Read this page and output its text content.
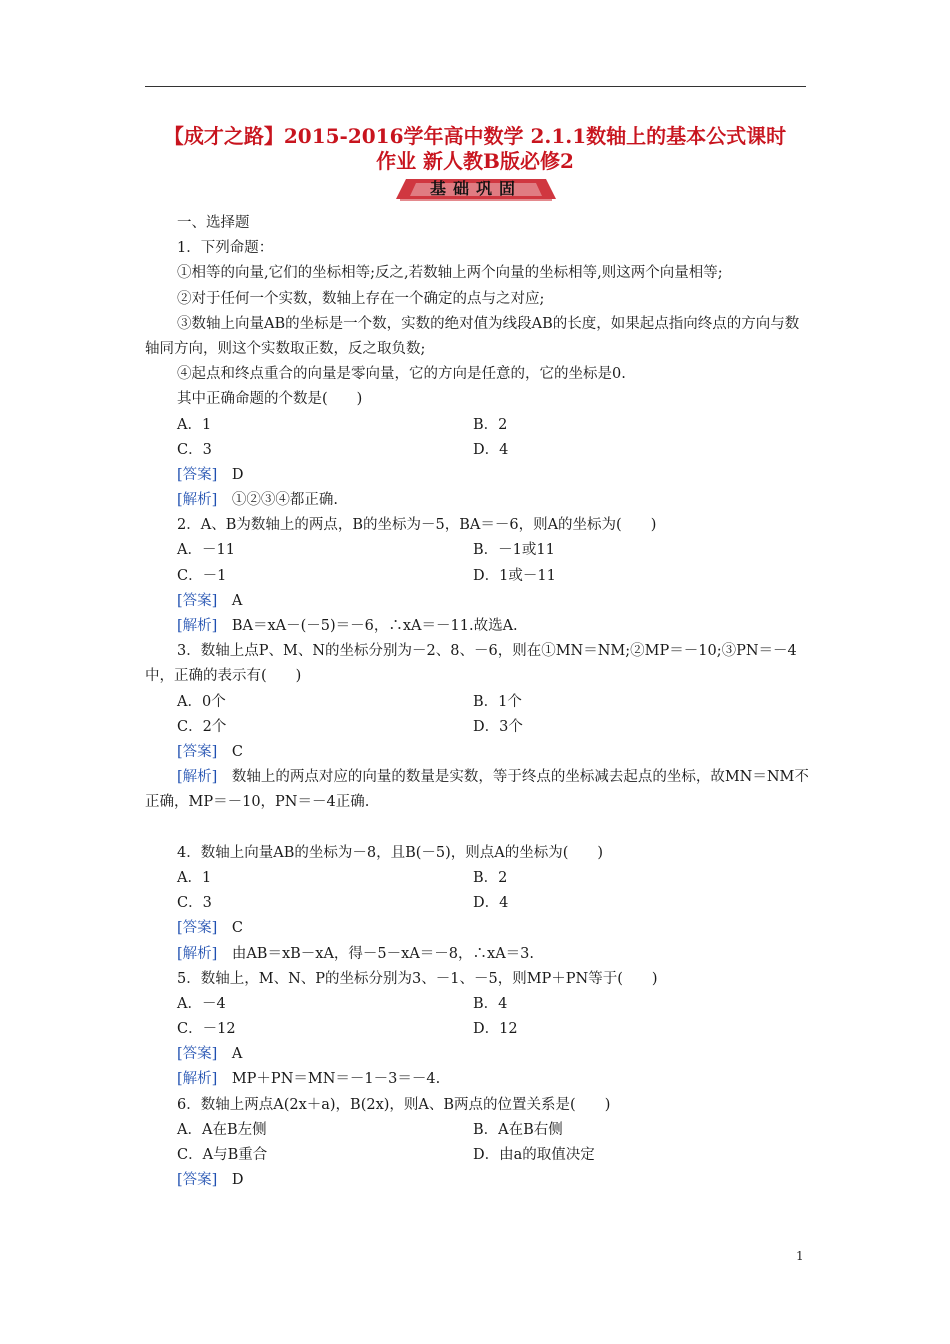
【成才之路】2015-2016学年高中数学 2.1.1数轴上的基本公式课时
作业 新人教B版必修2
基础巩固
一、选择题
1．下列命题：
①相等的向量,它们的坐标相等;反之,若数轴上两个向量的坐标相等,则这两个向量相等;
②对于任何一个实数，数轴上存在一个确定的点与之对应;
③数轴上向量AB的坐标是一个数，实数的绝对值为线段AB的长度，如果起点指向终点的方向与数轴同方向，则这个实数取正数，反之取负数;
④起点和终点重合的向量是零向量，它的方向是任意的，它的坐标是0.
其中正确命题的个数是(　　)
A．1	B．2
C．3	D．4
[答案]　 D
[解析]　 ①②③④都正确.
2．A、B为数轴上的两点，B的坐标为－5，BA＝－6，则A的坐标为(　　)
A．－11	B．－1或11
C．－1	D．1或－11
[答案]　 A
[解析]　 BA＝xA－(－5)＝－6，∴xA＝－11.故选A.
3．数轴上点P、M、N的坐标分别为－2、8、－6，则在①MN＝NM;②MP＝－10;③PN＝－4中，正确的表示有(　　)
A．0个	B．1个
C．2个	D．3个
[答案]　 C
[解析]　 数轴上的两点对应的向量的数量是实数，等于终点的坐标减去起点的坐标，故MN＝NM不正确，MP＝－10，PN＝－4正确.
4．数轴上向量AB的坐标为－8，且B(－5)，则点A的坐标为(　　)
A．1	B．2
C．3	D．4
[答案]　 C
[解析]　 由AB＝xB－xA，得－5－xA＝－8，∴xA＝3.
5．数轴上，M、N、P的坐标分别为3、－1、－5，则MP＋PN等于(　　)
A．－4	B．4
C．－12	D．12
[答案]　 A
[解析]　 MP＋PN＝MN＝－1－3＝－4.
6．数轴上两点A(2x＋a)，B(2x)，则A、B两点的位置关系是(　　)
A．A在B左侧	B．A在B右侧
C．A与B重合	D．由a的取值决定
[答案]　 D
1
